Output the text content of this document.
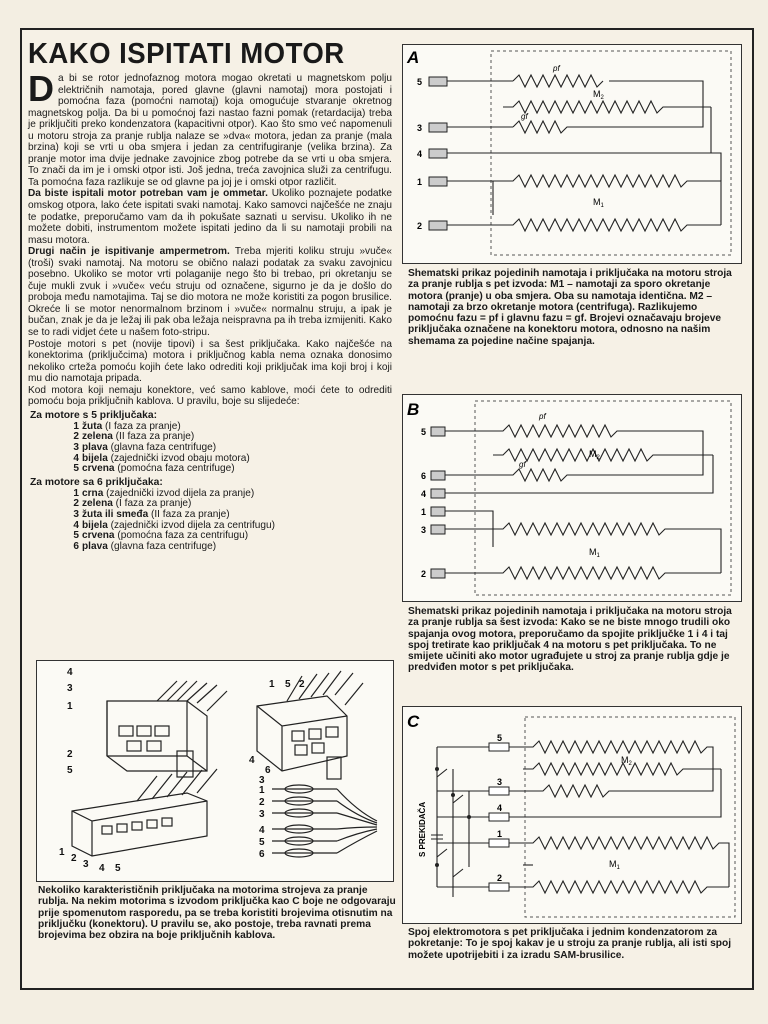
KAKO ISPITATI MOTOR

Da bi se rotor jednofaznog motora mogao okretati u magnetskom polju električnih namotaja, pored glavne (glavni namotaj) mora postojati i pomoćna faza (pomoćni namotaj) koja omogućuje stvaranje okretnog magnetskog polja. Da bi u pomoćnoj fazi nastao fazni pomak (retardacija) treba je priključiti preko kondenzatora (kapacitivni otpor). Kao što smo već napomenuli u motoru stroja za pranje rublja nalaze se »dva« motora, jedan za pranje (mala brzina) koji se vrti u oba smjera i jedan za centrifugiranje (velika brzina). Za pranje motor ima dvije jednake zavojnice zbog potrebe da se vrti u oba smjera. To znači da im je i omski otpor isti. Još jedna, treća zavojnica služi za centrifugu. Ta pomoćna faza razlikuje se od glavne pa joj je i omski otpor različit.

Da biste ispitali motor potreban vam je ommetar. Ukoliko poznajete podatke omskog otpora, lako ćete ispitati svaki namotaj. Kako samovci najčešće ne znaju te podatke, preporučamo vam da ih pokušate saznati u servisu. Ukoliko ih ne možete dobiti, instrumentom možete ispitati jedino da li su namotaji probili na masu motora.

Drugi način je ispitivanje ampermetrom. Treba mjeriti koliku struju »vuče« (troši) svaki namotaj. Na motoru se obično nalazi podatak za svaku zavojnicu posebno. Ukoliko se motor vrti polaganije nego što bi trebao, pri okretanju se čuje mukli zvuk i »vuče« veću struju od označene, sigurno je da je došlo do proboja među namotajima. Taj se dio motora ne može koristiti za pogon brusilice. Okreće li se motor nenormalnom brzinom i »vuče« normalnu struju, a ipak je bučan, znak je da je ležaj ili pak oba ležaja neispravna pa ih treba izmijeniti. Kako se to radi vidjet ćete u našem foto-stripu.

Postoje motori s pet (novije tipovi) i sa šest priključaka. Kako najčešće na konektorima (priključcima) motora i priključnog kabla nema oznaka donosimo nekoliko crteža pomoću kojih ćete lako odrediti koji priključak ima koji broj i koji mu dio namotaja pripada.

Kod motora koji nemaju konektore, već samo kablove, moći ćete to odrediti pomoću boja priključnih kablova. U pravilu, boje su slijedeće:

Za motore s 5 priključaka:
1 žuta (I faza za pranje)
2 zelena (II faza za pranje)
3 plava (glavna faza centrifuge)
4 bijela (zajednički izvod obaju motora)
5 crvena (pomoćna faza centrifuge)
Za motore sa 6 priključaka:
1 crna (zajednički izvod dijela za pranje)
2 zelena (I faza za pranje)
3 žuta ili smeđa (II faza za pranje)
4 bijela (zajednički izvod dijela za centrifugu)
5 crvena (pomoćna faza za centrifugu)
6 plava (glavna faza centrifuge)
4
3
1
2
5
1 5 2
4
6
3
1
2
3
4
5
6
1
2
3 4 5
Nekoliko karakterističnih priključaka na motorima strojeva za pranje rublja. Na nekim motorima s izvodom priključka kao C boje ne odgovaraju prije spomenutom rasporedu, pa se treba koristiti brojevima otisnutim na priključku (konektoru). U pravilu se, ako postoje, treba ravnati prema brojevima bez obzira na boje priključnih kablova.
A
5
3
4
1
2
pf
gf
$M_2$
$M_1$
Shematski prikaz pojedinih namotaja i priključaka na motoru stroja za pranje rublja s pet izvoda: M1 – namotaji za sporo okretanje motora (pranje) u oba smjera. Oba su namotaja identična. M2 – namotaji za brzo okretanje motora (centrifuga). Razlikujemo pomoćnu fazu = pf i glavnu fazu = gf. Brojevi označavaju brojeve priključaka označene na konektoru motora, odnosno na našim shemama za pojedine načine spajanja.
B
5
6
4
1
3
2
pf
gf
$M_2$
$M_1$
Shematski prikaz pojedinih namotaja i priključaka na motoru stroja za pranje rublja sa šest izvoda: Kako se ne biste mnogo trudili oko spajanja ovog motora, preporučamo da spojite priključke 1 i 4 i taj spoj tretirate kao priključak 4 na motoru s pet priključaka. To ne smijete učiniti ako motor ugrađujete u stroj za pranje rublja gdje je predviđen motor s pet priključaka.
C
S PREKIDAČA
5
3
4
1
2
$M_2$
$M_1$
Spoj elektromotora s pet priključaka i jednim kondenzatorom za pokretanje: To je spoj kakav je u stroju za pranje rublja, ali isti spoj možete upotrijebiti i za izradu SAM-brusilice.
